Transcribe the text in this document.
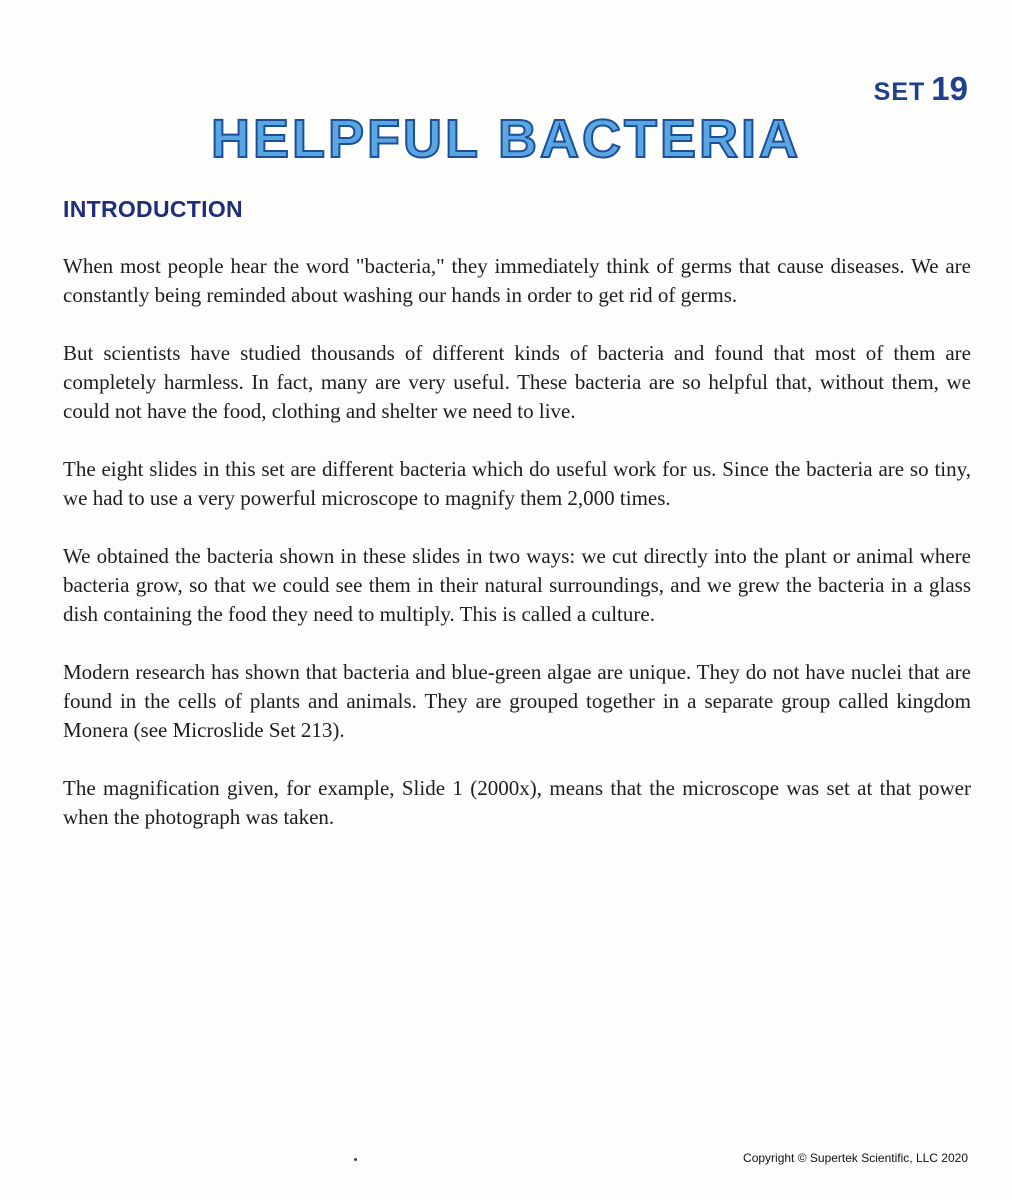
SET 19
HELPFUL BACTERIA
INTRODUCTION

When most people hear the word "bacteria," they immediately think of germs that cause diseases. We are constantly being reminded about washing our hands in order to get rid of germs.

But scientists have studied thousands of different kinds of bacteria and found that most of them are completely harmless. In fact, many are very useful. These bacteria are so helpful that, without them, we could not have the food, clothing and shelter we need to live.

The eight slides in this set are different bacteria which do useful work for us. Since the bacteria are so tiny, we had to use a very powerful microscope to magnify them 2,000 times.

We obtained the bacteria shown in these slides in two ways: we cut directly into the plant or animal where bacteria grow, so that we could see them in their natural surroundings, and we grew the bacteria in a glass dish containing the food they need to multiply. This is called a culture.

Modern research has shown that bacteria and blue-green algae are unique. They do not have nuclei that are found in the cells of plants and animals. They are grouped together in a separate group called kingdom Monera (see Microslide Set 213).

The magnification given, for example, Slide 1 (2000x), means that the microscope was set at that power when the photograph was taken.

Copyright © Supertek Scientific, LLC 2020
